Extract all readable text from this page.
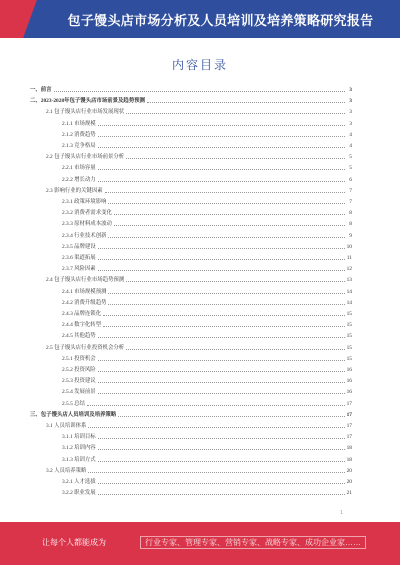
包子馒头店市场分析及人员培训及培养策略研究报告
内容目录
一、前言	3
二、2023-2028年包子馒头店市场前景及趋势预测	3
2.1 包子馒头店行业市场发展现状	3
2.1.1 市场规模	3
2.1.2 消费趋势	4
2.1.3 竞争格局	4
2.2 包子馒头店行业市场前景分析	5
2.2.1 市场容量	5
2.2.2 增长动力	6
2.3 影响行业的关键因素	7
2.3.1 政策环境影响	7
2.3.2 消费者需求变化	8
2.3.3 原材料成本波动	8
2.3.4 行业技术创新	9
2.3.5 品牌建设	10
2.3.6 渠道拓展	11
2.3.7 风险因素	12
2.4 包子馒头店行业市场趋势预测	13
2.4.1 市场规模预测	14
2.4.2 消费升级趋势	14
2.4.3 品牌连锁化	15
2.4.4 数字化转型	15
2.4.5 其他趋势	15
2.5 包子馒头店行业投资机会分析	15
2.5.1 投资机会	15
2.5.2 投资风险	16
2.5.3 投资建议	16
2.5.4 发展前景	16
2.5.5 总结	17
三、包子馒头店人员培训及培养策略	17
3.1 人员培训体系	17
3.1.1 培训目标	17
3.1.2 培训内容	18
3.1.3 培训方式	18
3.2 人员培养策略	20
3.2.1 人才选拔	20
3.2.2 职业发展	21
1
让每个人都能成为	行业专家、管理专家、营销专家、战略专家、成功企业家……
